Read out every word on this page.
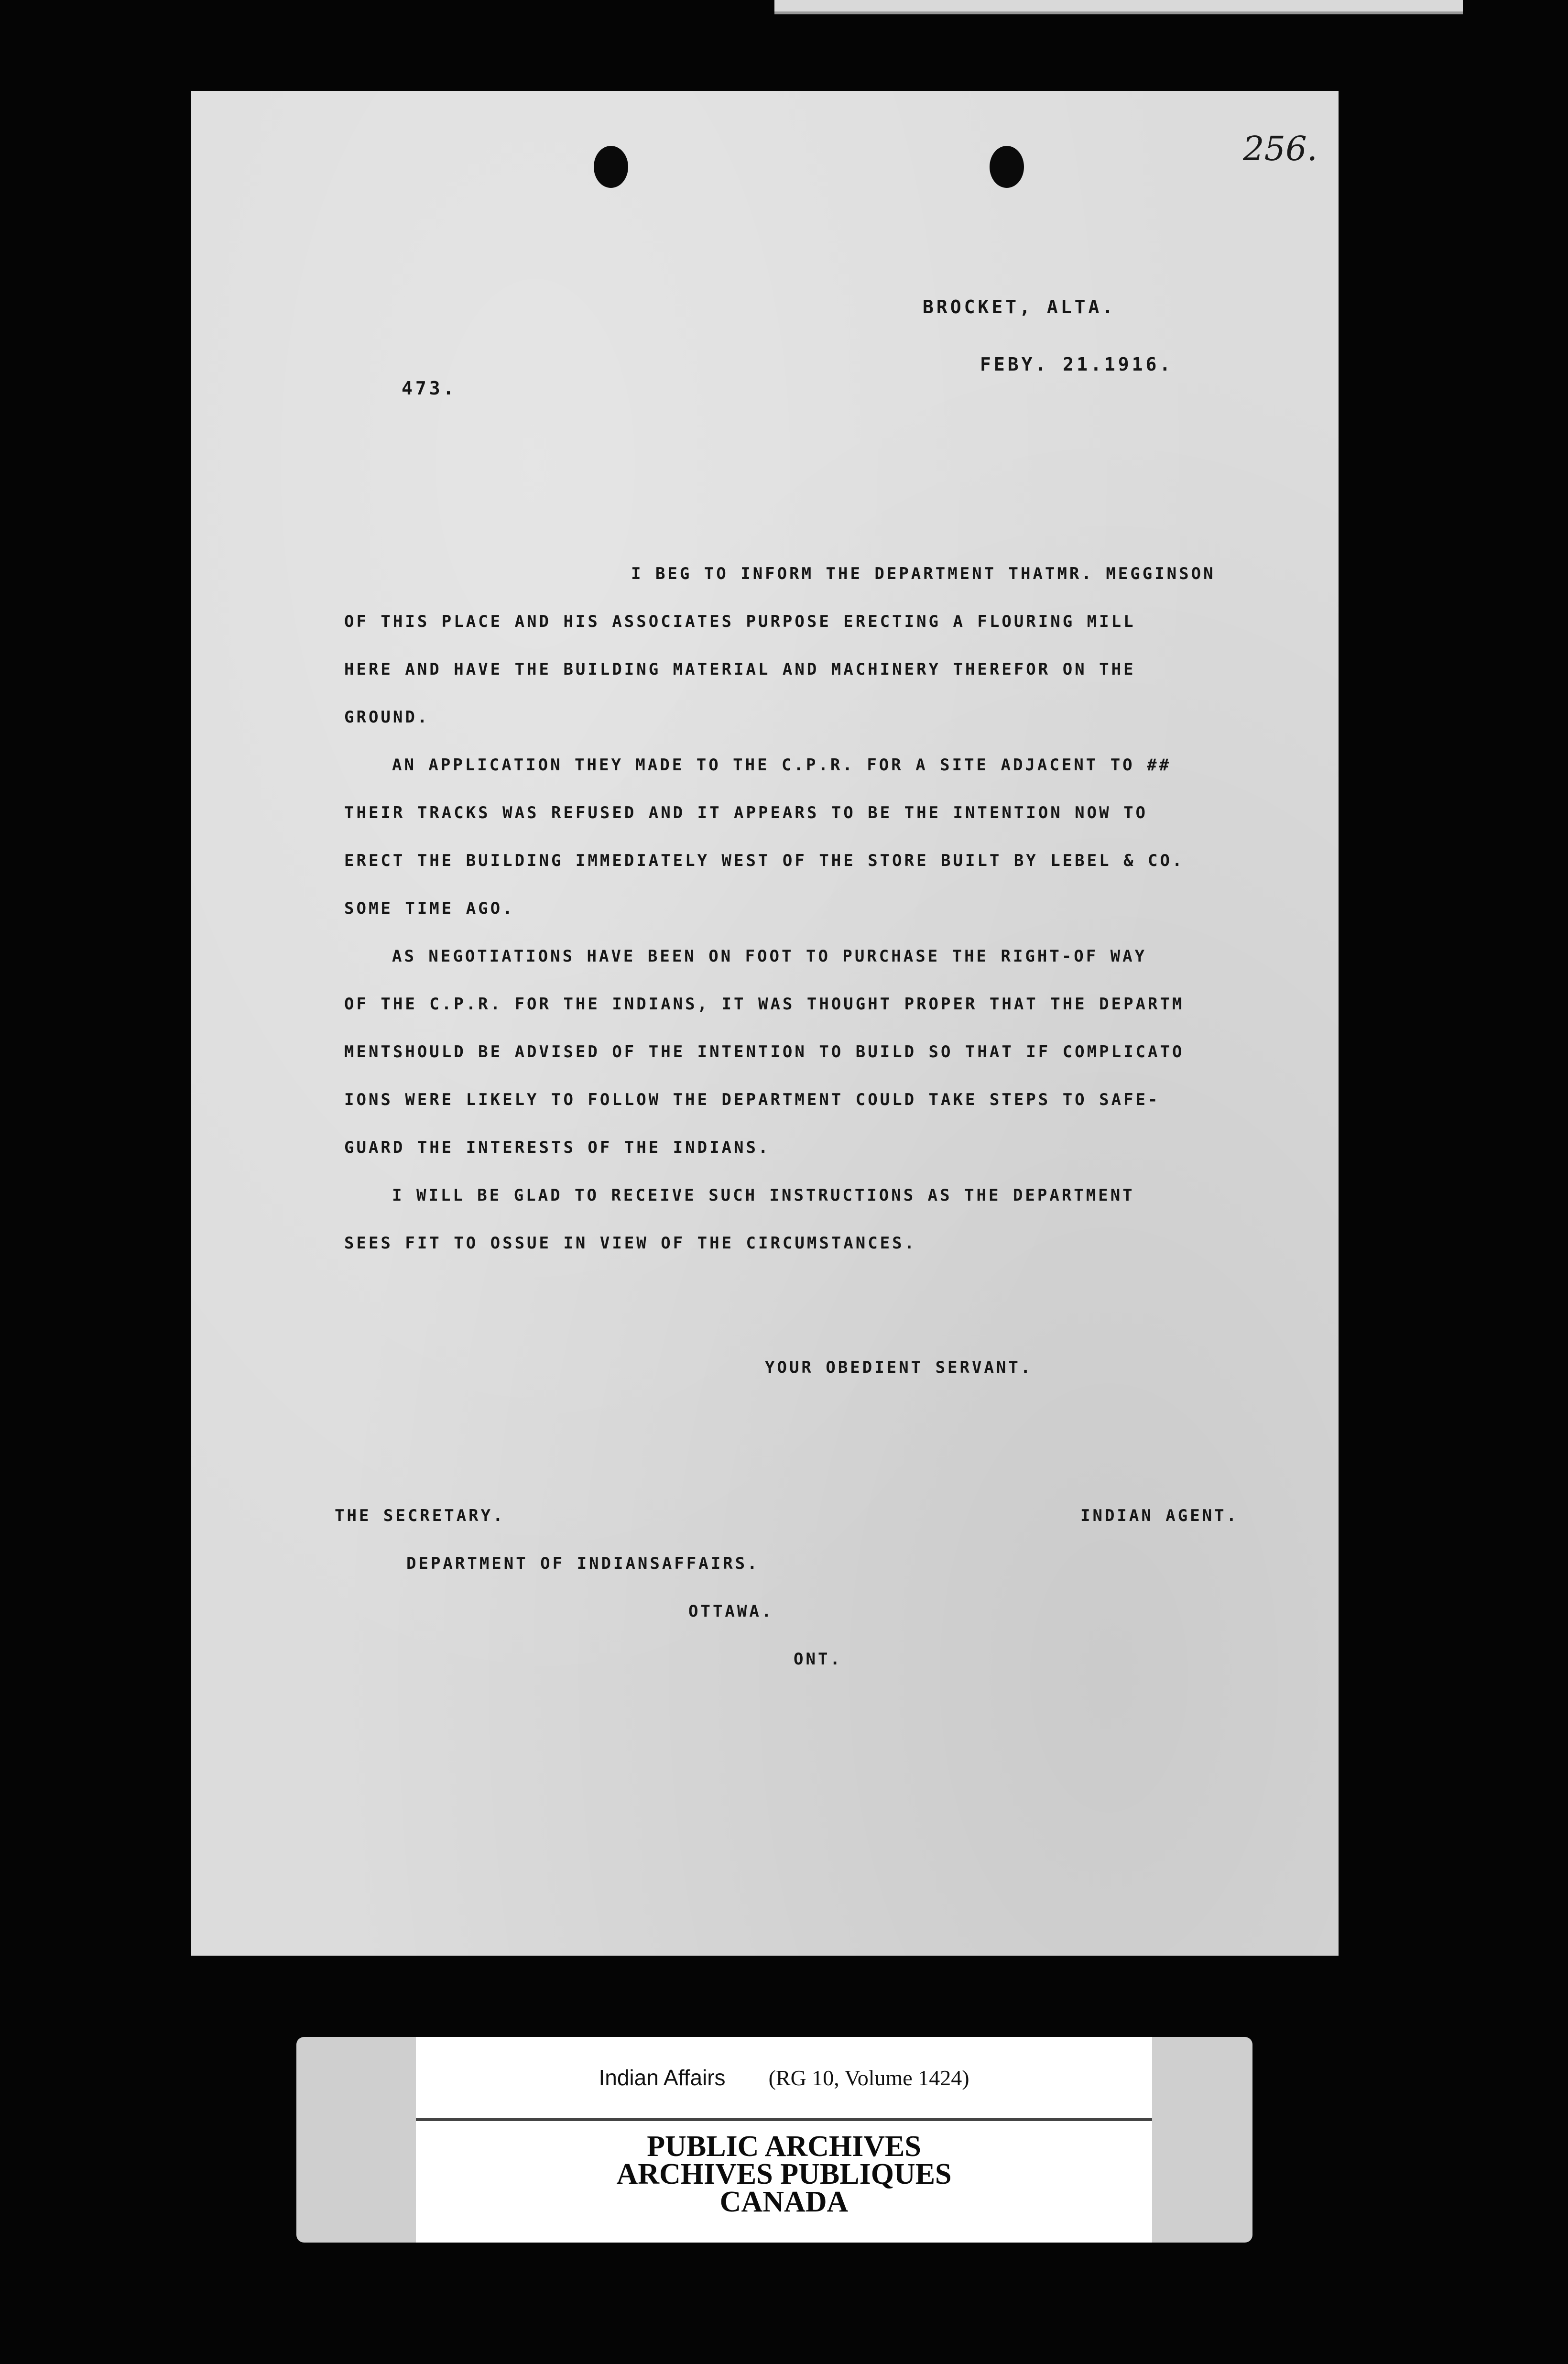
256.
BROCKET, ALTA.
FEBY. 21.1916.
473.
I BEG TO INFORM THE DEPARTMENT THATMR. MEGGINSON
OF THIS PLACE AND HIS ASSOCIATES PURPOSE ERECTING A FLOURING MILL
HERE AND HAVE THE BUILDING MATERIAL AND MACHINERY THEREFOR ON THE
GROUND.
AN APPLICATION THEY MADE TO THE C.P.R. FOR A SITE ADJACENT TO ##
THEIR TRACKS WAS REFUSED AND IT APPEARS TO BE THE INTENTION NOW TO
ERECT THE BUILDING IMMEDIATELY WEST OF THE STORE BUILT BY LEBEL & CO.
SOME TIME AGO.
AS NEGOTIATIONS HAVE BEEN ON FOOT TO PURCHASE THE RIGHT-OF WAY
OF THE C.P.R. FOR THE INDIANS, IT WAS THOUGHT PROPER THAT THE DEPARTM
MENTSHOULD BE ADVISED OF THE INTENTION TO BUILD SO THAT IF COMPLICATO
IONS WERE LIKELY TO FOLLOW THE DEPARTMENT COULD TAKE STEPS TO SAFE-
GUARD THE INTERESTS OF THE INDIANS.
I WILL BE GLAD TO RECEIVE SUCH INSTRUCTIONS AS THE DEPARTMENT
SEES FIT TO OSSUE IN VIEW OF THE CIRCUMSTANCES.
YOUR OBEDIENT SERVANT.
THE SECRETARY.	INDIAN AGENT.
DEPARTMENT OF INDIANSAFFAIRS.
OTTAWA.
ONT.
Indian Affairs (RG 10, Volume 1424)
PUBLIC ARCHIVES
ARCHIVES PUBLIQUES
CANADA
